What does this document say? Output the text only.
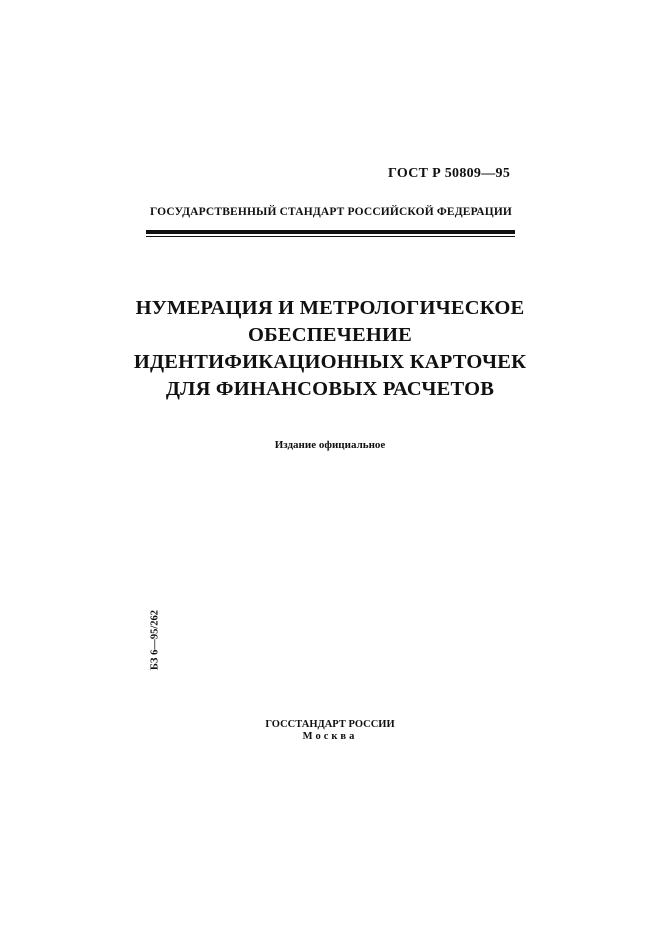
ГОСТ Р 50809—95
ГОСУДАРСТВЕННЫЙ СТАНДАРТ РОССИЙСКОЙ ФЕДЕРАЦИИ
НУМЕРАЦИЯ И МЕТРОЛОГИЧЕСКОЕ
ОБЕСПЕЧЕНИЕ
ИДЕНТИФИКАЦИОННЫХ КАРТОЧЕК
ДЛЯ ФИНАНСОВЫХ РАСЧЕТОВ
Издание официальное
БЗ 6—95/262
ГОССТАНДАРТ РОССИИ
Москва
